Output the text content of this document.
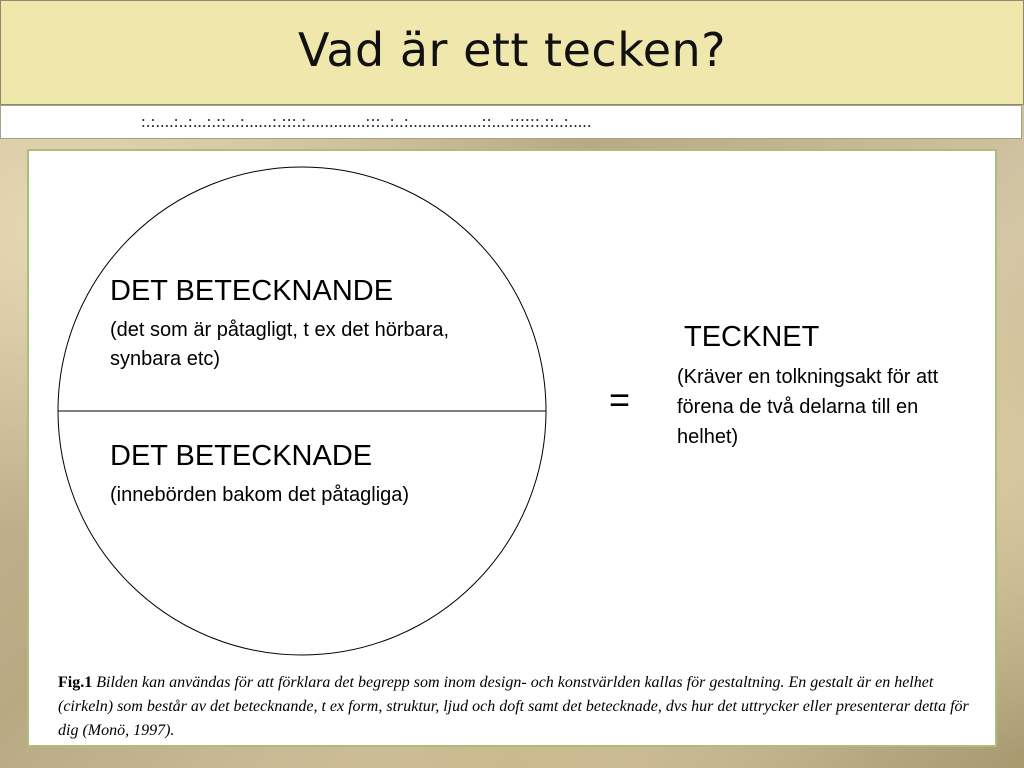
Vad är ett tecken?
:.:....:..:...:.::...:......:.:::.:.............:::..:..:................::....::::::.::..:.....
DET BETECKNANDE
(det som är påtagligt, t ex det hörbara, synbara etc)
DET BETECKNADE
(innebörden bakom det påtagliga)
=
TECKNET
(Kräver en tolkningsakt för att förena de två delarna till en helhet)
Fig.1 Bilden kan användas för att förklara det begrepp som inom design- och konstvärlden kallas för gestaltning. En gestalt är en helhet (cirkeln) som består av det betecknande, t ex form, struktur, ljud och doft samt det betecknade, dvs hur det uttrycker eller presenterar detta för dig (Monö, 1997).
